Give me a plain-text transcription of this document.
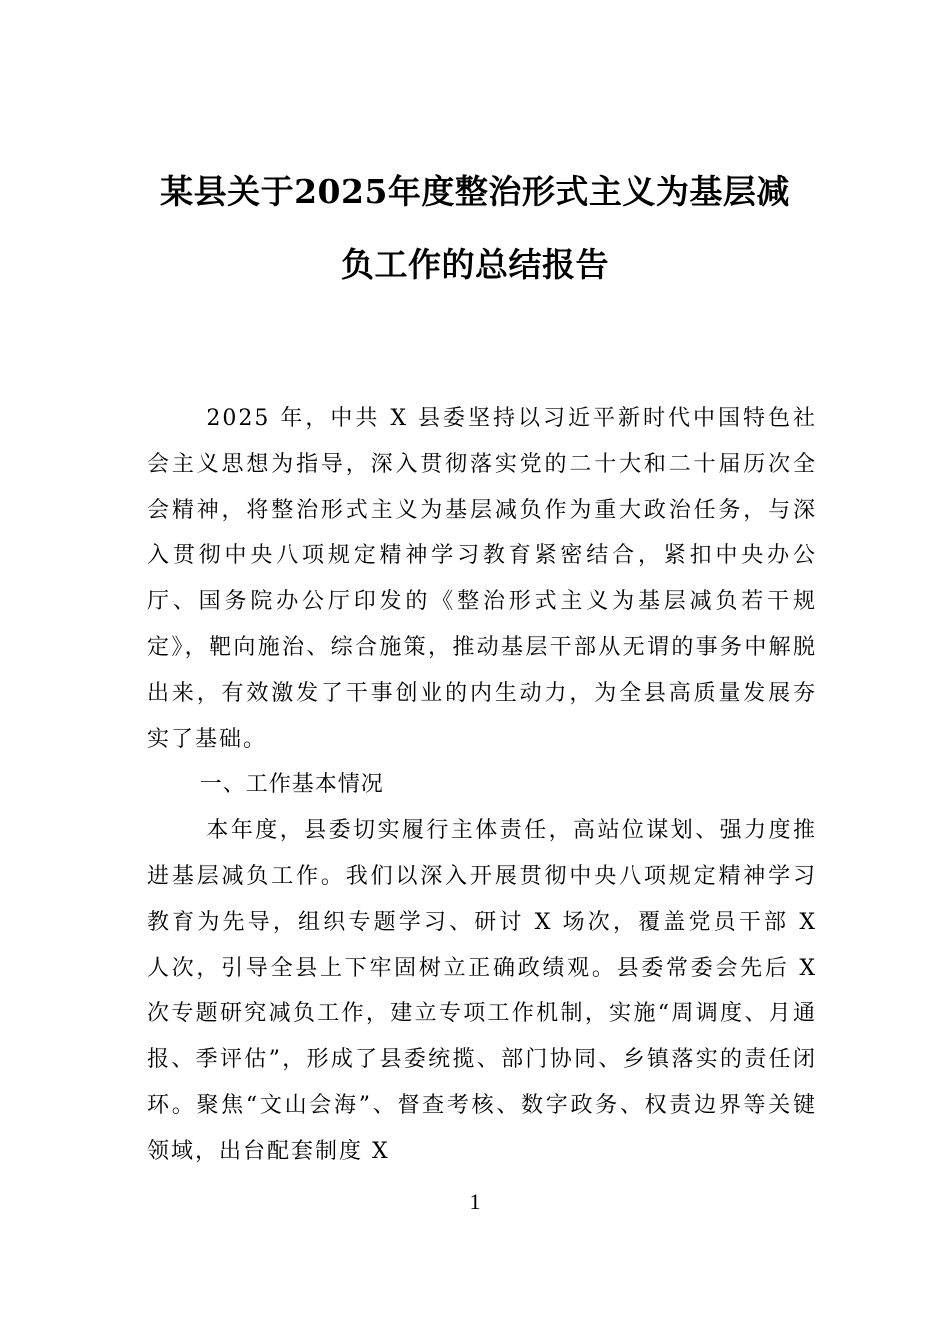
某县关于2025年度整治形式主义为基层减
负工作的总结报告

2025 年，中共 X 县委坚持以习近平新时代中国特色社会主义思想为指导，深入贯彻落实党的二十大和二十届历次全会精神，将整治形式主义为基层减负作为重大政治任务，与深入贯彻中央八项规定精神学习教育紧密结合，紧扣中央办公厅、国务院办公厅印发的《整治形式主义为基层减负若干规定》，靶向施治、综合施策，推动基层干部从无谓的事务中解脱出来，有效激发了干事创业的内生动力，为全县高质量发展夯实了基础。

一、工作基本情况

本年度，县委切实履行主体责任，高站位谋划、强力度推进基层减负工作。我们以深入开展贯彻中央八项规定精神学习教育为先导，组织专题学习、研讨 X 场次，覆盖党员干部 X 人次，引导全县上下牢固树立正确政绩观。县委常委会先后 X 次专题研究减负工作，建立专项工作机制，实施“周调度、月通报、季评估”，形成了县委统揽、部门协同、乡镇落实的责任闭环。聚焦“文山会海”、督查考核、数字政务、权责边界等关键领域，出台配套制度 X

1
